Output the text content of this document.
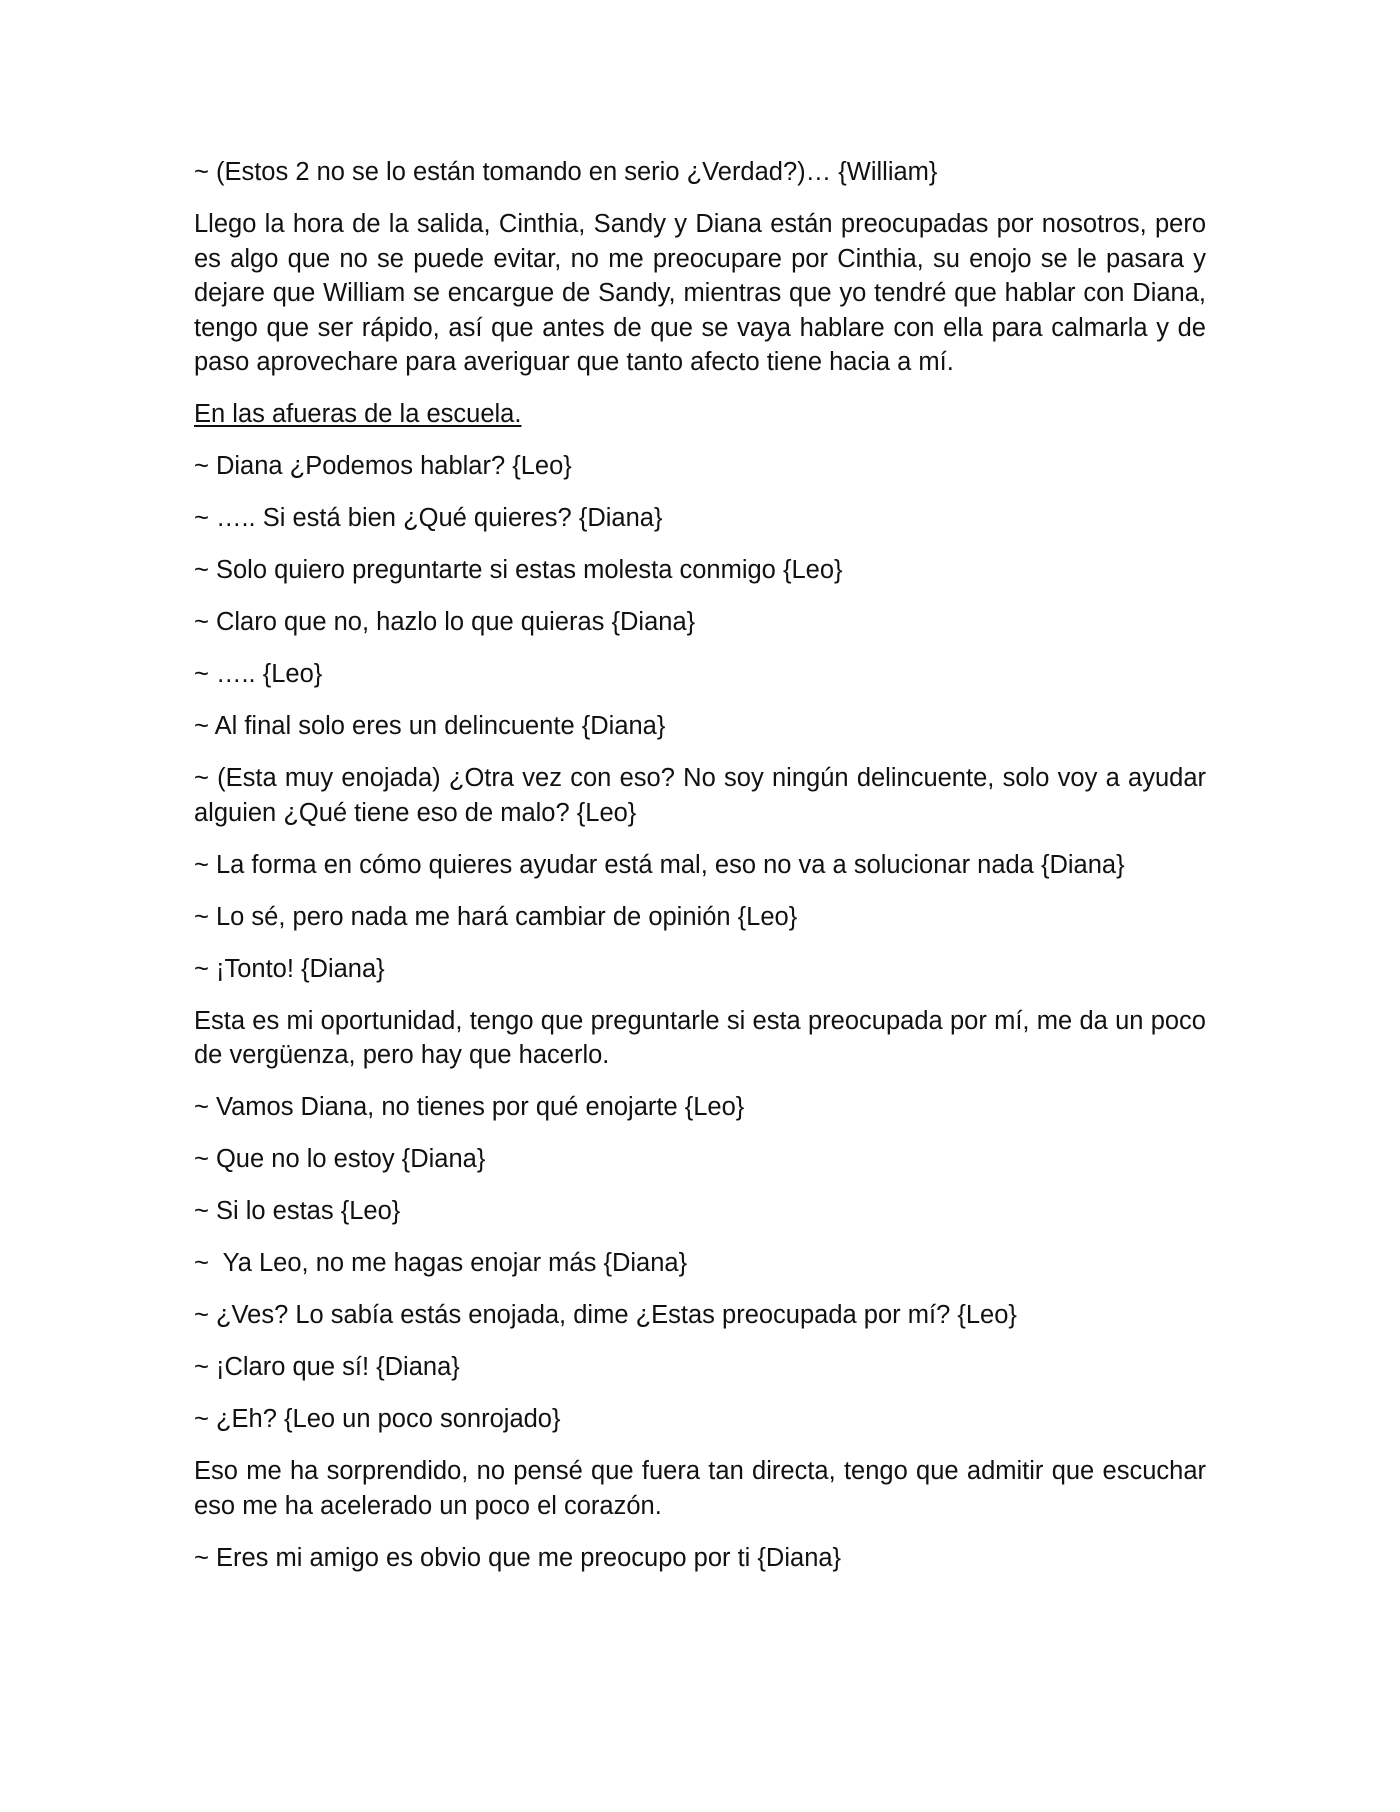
~ (Estos 2 no se lo están tomando en serio ¿Verdad?)… {William}
Llego la hora de la salida, Cinthia, Sandy y Diana están preocupadas por nosotros, pero es algo que no se puede evitar, no me preocupare por Cinthia, su enojo se le pasara y dejare que William se encargue de Sandy, mientras que yo tendré que hablar con Diana, tengo que ser rápido, así que antes de que se vaya hablare con ella para calmarla y de paso aprovechare para averiguar que tanto afecto tiene hacia a mí.
En las afueras de la escuela.
~ Diana ¿Podemos hablar? {Leo}
~ ….. Si está bien ¿Qué quieres? {Diana}
~ Solo quiero preguntarte si estas molesta conmigo {Leo}
~ Claro que no, hazlo lo que quieras {Diana}
~ ….. {Leo}
~ Al final solo eres un delincuente {Diana}
~ (Esta muy enojada) ¿Otra vez con eso? No soy ningún delincuente, solo voy a ayudar alguien ¿Qué tiene eso de malo? {Leo}
~ La forma en cómo quieres ayudar está mal, eso no va a solucionar nada {Diana}
~ Lo sé, pero nada me hará cambiar de opinión {Leo}
~ ¡Tonto! {Diana}
Esta es mi oportunidad, tengo que preguntarle si esta preocupada por mí, me da un poco de vergüenza, pero hay que hacerlo.
~ Vamos Diana, no tienes por qué enojarte {Leo}
~ Que no lo estoy {Diana}
~ Si lo estas {Leo}
~  Ya Leo, no me hagas enojar más {Diana}
~ ¿Ves? Lo sabía estás enojada, dime ¿Estas preocupada por mí? {Leo}
~ ¡Claro que sí! {Diana}
~ ¿Eh? {Leo un poco sonrojado}
Eso me ha sorprendido, no pensé que fuera tan directa, tengo que admitir que escuchar eso me ha acelerado un poco el corazón.
~ Eres mi amigo es obvio que me preocupo por ti {Diana}
